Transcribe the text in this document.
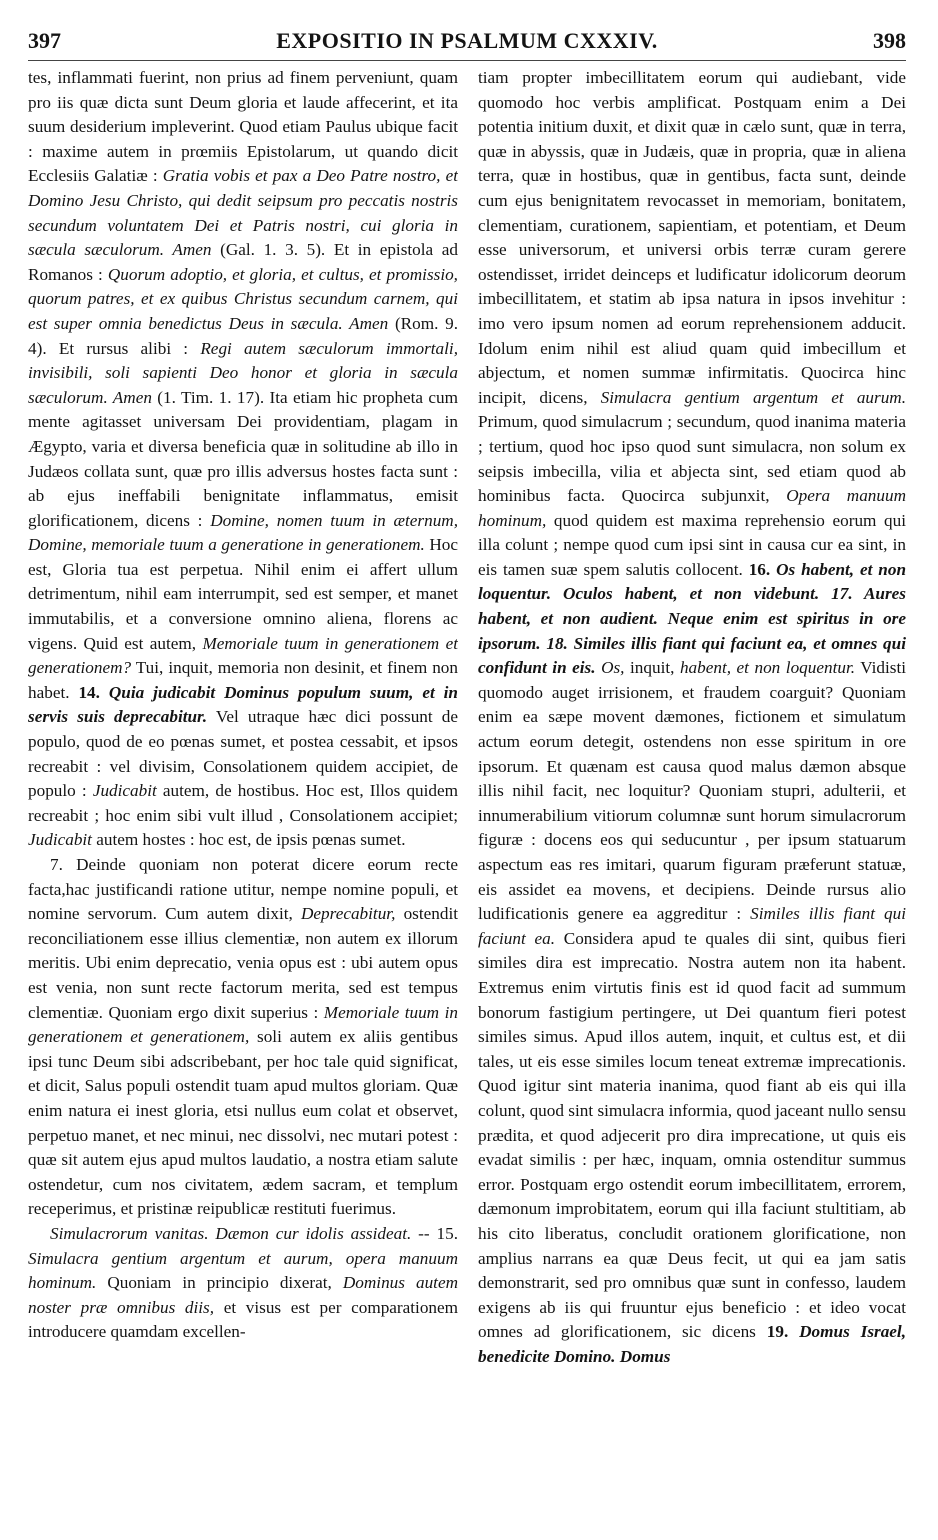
397	EXPOSITIO IN PSALMUM CXXXIV.	398

tes, inflammati fuerint, non prius ad finem perveniunt, quam pro iis quæ dicta sunt Deum gloria et laude affecerint, et ita suum desiderium impleverint. Quod etiam Paulus ubique facit : maxime autem in prœmiis Epistolarum, ut quando dicit Ecclesiis Galatiæ : Gratia vobis et pax a Deo Patre nostro, et Domino Jesu Christo, qui dedit seipsum pro peccatis nostris secundum voluntatem Dei et Patris nostri, cui gloria in sæcula sæculorum. Amen (Gal. 1. 3. 5). Et in epistola ad Romanos : Quorum adoptio, et gloria, et cultus, et promissio, quorum patres, et ex quibus Christus secundum carnem, qui est super omnia benedictus Deus in sæcula. Amen (Rom. 9. 4). Et rursus alibi : Regi autem sæculorum immortali, invisibili, soli sapienti Deo honor et gloria in sæcula sæculorum. Amen (1. Tim. 1. 17). Ita etiam hic propheta cum mente agitasset universam Dei providentiam, plagam in Ægypto, varia et diversa beneficia quæ in solitudine ab illo in Judæos collata sunt, quæ pro illis adversus hostes facta sunt : ab ejus ineffabili benignitate inflammatus, emisit glorificationem, dicens : Domine, nomen tuum in æternum, Domine, memoriale tuum a generatione in generationem. Hoc est, Gloria tua est perpetua. Nihil enim ei affert ullum detrimentum, nihil eam interrumpit, sed est semper, et manet immutabilis, et a conversione omnino aliena, florens ac vigens. Quid est autem, Memoriale tuum in generationem et generationem? Tui, inquit, memoria non desinit, et finem non habet. 14. Quia judicabit Dominus populum suum, et in servis suis deprecabitur. Vel utraque hæc dici possunt de populo, quod de eo pœnas sumet, et postea cessabit, et ipsos recreabit : vel divisim, Consolationem quidem accipiet, de populo : Judicabit autem, de hostibus. Hoc est, Illos quidem recreabit ; hoc enim sibi vult illud , Consolationem accipiet; Judicabit autem hostes : hoc est, de ipsis pœnas sumet.

7. Deinde quoniam non poterat dicere eorum recte facta,hac justificandi ratione utitur, nempe nomine populi, et nomine servorum. Cum autem dixit, Deprecabitur, ostendit reconciliationem esse illius clementiæ, non autem ex illorum meritis. Ubi enim deprecatio, venia opus est : ubi autem opus est venia, non sunt recte factorum merita, sed est tempus clementiæ. Quoniam ergo dixit superius : Memoriale tuum in generationem et generationem, soli autem ex aliis gentibus ipsi tunc Deum sibi adscribebant, per hoc tale quid significat, et dicit, Salus populi ostendit tuam apud multos gloriam. Quæ enim natura ei inest gloria, etsi nullus eum colat et observet, perpetuo manet, et nec minui, nec dissolvi, nec mutari potest : quæ sit autem ejus apud multos laudatio, a nostra etiam salute ostendetur, cum nos civitatem, ædem sacram, et templum receperimus, et pristinæ reipublicæ restituti fuerimus.

Simulacrorum vanitas. Dæmon cur idolis assideat. -- 15. Simulacra gentium argentum et aurum, opera manuum hominum. Quoniam in principio dixerat, Dominus autem noster præ omnibus diis, et visus est per comparationem introducere quamdam excellen-

tiam propter imbecillitatem eorum qui audiebant, vide quomodo hoc verbis amplificat. Postquam enim a Dei potentia initium duxit, et dixit quæ in cælo sunt, quæ in terra, quæ in abyssis, quæ in Judæis, quæ in propria, quæ in aliena terra, quæ in hostibus, quæ in gentibus, facta sunt, deinde cum ejus benignitatem revocasset in memoriam, bonitatem, clementiam, curationem, sapientiam, et potentiam, et Deum esse universorum, et universi orbis terræ curam gerere ostendisset, irridet deinceps et ludificatur idolicorum deorum imbecillitatem, et statim ab ipsa natura in ipsos invehitur : imo vero ipsum nomen ad eorum reprehensionem adducit. Idolum enim nihil est aliud quam quid imbecillum et abjectum, et nomen summæ infirmitatis. Quocirca hinc incipit, dicens, Simulacra gentium argentum et aurum. Primum, quod simulacrum ; secundum, quod inanima materia ; tertium, quod hoc ipso quod sunt simulacra, non solum ex seipsis imbecilla, vilia et abjecta sint, sed etiam quod ab hominibus facta. Quocirca subjunxit, Opera manuum hominum, quod quidem est maxima reprehensio eorum qui illa colunt ; nempe quod cum ipsi sint in causa cur ea sint, in eis tamen suæ spem salutis collocent. 16. Os habent, et non loquentur. Oculos habent, et non videbunt. 17. Aures habent, et non audient. Neque enim est spiritus in ore ipsorum. 18. Similes illis fiant qui faciunt ea, et omnes qui confidunt in eis. Os, inquit, habent, et non loquentur. Vidisti quomodo auget irrisionem, et fraudem coarguit? Quoniam enim ea sæpe movent dæmones, fictionem et simulatum actum eorum detegit, ostendens non esse spiritum in ore ipsorum. Et quænam est causa quod malus dæmon absque illis nihil facit, nec loquitur? Quoniam stupri, adulterii, et innumerabilium vitiorum columnæ sunt horum simulacrorum figuræ : docens eos qui seducuntur , per ipsum statuarum aspectum eas res imitari, quarum figuram præferunt statuæ, eis assidet ea movens, et decipiens. Deinde rursus alio ludificationis genere ea aggreditur : Similes illis fiant qui faciunt ea. Considera apud te quales dii sint, quibus fieri similes dira est imprecatio. Nostra autem non ita habent. Extremus enim virtutis finis est id quod facit ad summum bonorum fastigium pertingere, ut Dei quantum fieri potest similes simus. Apud illos autem, inquit, et cultus est, et dii tales, ut eis esse similes locum teneat extremæ imprecationis. Quod igitur sint materia inanima, quod fiant ab eis qui illa colunt, quod sint simulacra informia, quod jaceant nullo sensu prædita, et quod adjecerit pro dira imprecatione, ut quis eis evadat similis : per hæc, inquam, omnia ostenditur summus error. Postquam ergo ostendit eorum imbecillitatem, errorem, dæmonum improbitatem, eorum qui illa faciunt stultitiam, ab his cito liberatus, concludit orationem glorificatione, non amplius narrans ea quæ Deus fecit, ut qui ea jam satis demonstrarit, sed pro omnibus quæ sunt in confesso, laudem exigens ab iis qui fruuntur ejus beneficio : et ideo vocat omnes ad glorificationem, sic dicens 19. Domus Israel, benedicite Domino. Domus
